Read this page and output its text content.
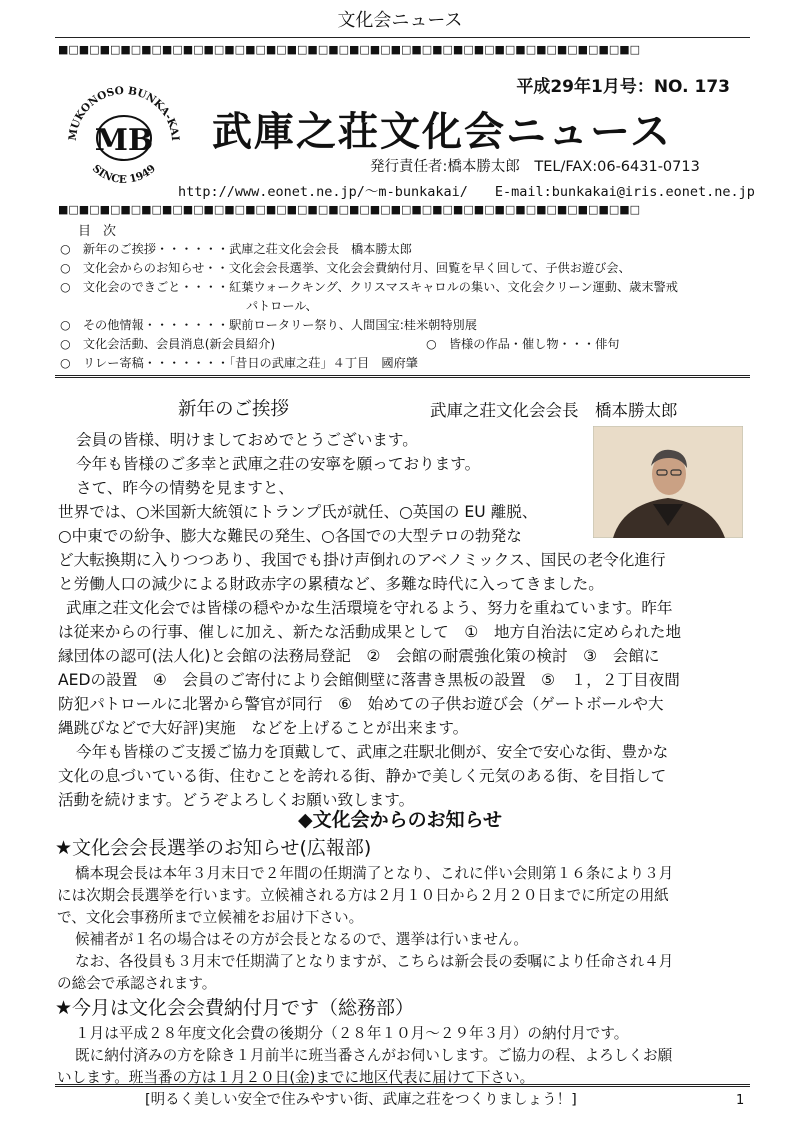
文化会ニュース
■□■□■□■□■□■□■□■□■□■□■□■□■□■□■□■□■□■□■□■□■□■□■□■□■□■□■□■□
MUKONOSO BUNKA-KAI
SINCE 1949
MB
平成29年1月号：NO. 173
武庫之荘文化会ニュース
発行責任者:橋本勝太郎　TEL/FAX:06-6431-0713
http://www.eonet.ne.jp/～m-bunkakai/　　E-mail:bunkakai@iris.eonet.ne.jp
■□■□■□■□■□■□■□■□■□■□■□■□■□■□■□■□■□■□■□■□■□■□■□■□■□■□■□■□
目次
○　新年のご挨拶・・・・・・武庫之荘文化会会長　橋本勝太郎
○　文化会からのお知らせ・・文化会会長選挙、文化会会費納付月、回覧を早く回して、子供お遊び会、
○　文化会のできごと・・・・紅葉ウォークキング、クリスマスキャロルの集い、文化会クリーン運動、歳末警戒
パトロール、
○　その他情報・・・・・・・駅前ロータリー祭り、人間国宝:桂米朝特別展
○　文化会活動、会員消息(新会員紹介)	○　皆様の作品・催し物・・・俳句
○　リレー寄稿・・・・・・・「昔日の武庫之荘」４丁目　國府肇
新年のご挨拶	武庫之荘文化会会長　橋本勝太郎
会員の皆様、明けましておめでとうございます。
今年も皆様のご多幸と武庫之荘の安寧を願っております。
さて、昨今の情勢を見ますと、
世界では、○米国新大統領にトランプ氏が就任、○英国の EU 離脱、
○中東での紛争、膨大な難民の発生、○各国での大型テロの勃発な
ど大転換期に入りつつあり、我国でも掛け声倒れのアベノミックス、国民の老令化進行
と労働人口の減少による財政赤字の累積など、多難な時代に入ってきました。
武庫之荘文化会では皆様の穏やかな生活環境を守れるよう、努力を重ねています。昨年
は従来からの行事、催しに加え、新たな活動成果として　①　地方自治法に定められた地
縁団体の認可(法人化)と会館の法務局登記　②　会館の耐震強化策の検討　③　会館に
AEDの設置　④　会員のご寄付により会館側壁に落書き黒板の設置　⑤　１，２丁目夜間
防犯パトロールに北署から警官が同行　⑥　始めての子供お遊び会（ゲートボールや大
縄跳びなどで大好評)実施　などを上げることが出来ます。
今年も皆様のご支援ご協力を頂戴して、武庫之荘駅北側が、安全で安心な街、豊かな
文化の息づいている街、住むことを誇れる街、静かで美しく元気のある街、を目指して
活動を続けます。どうぞよろしくお願い致します。
◆文化会からのお知らせ
★文化会会長選挙のお知らせ(広報部)
橋本現会長は本年３月末日で２年間の任期満了となり、これに伴い会則第１６条により３月
には次期会長選挙を行います。立候補される方は２月１０日から２月２０日までに所定の用紙
で、文化会事務所まで立候補をお届け下さい。
候補者が１名の場合はその方が会長となるので、選挙は行いません。
なお、各役員も３月末で任期満了となりますが、こちらは新会長の委嘱により任命され４月
の総会で承認されます。
★今月は文化会会費納付月です（総務部）
１月は平成２８年度文化会費の後期分（２８年１０月～２９年３月）の納付月です。
既に納付済みの方を除き１月前半に班当番さんがお伺いします。ご協力の程、よろしくお願
いします。班当番の方は１月２０日(金)までに地区代表に届けて下さい。
[明るく美しい安全で住みやすい街、武庫之荘をつくりましょう！]	1
